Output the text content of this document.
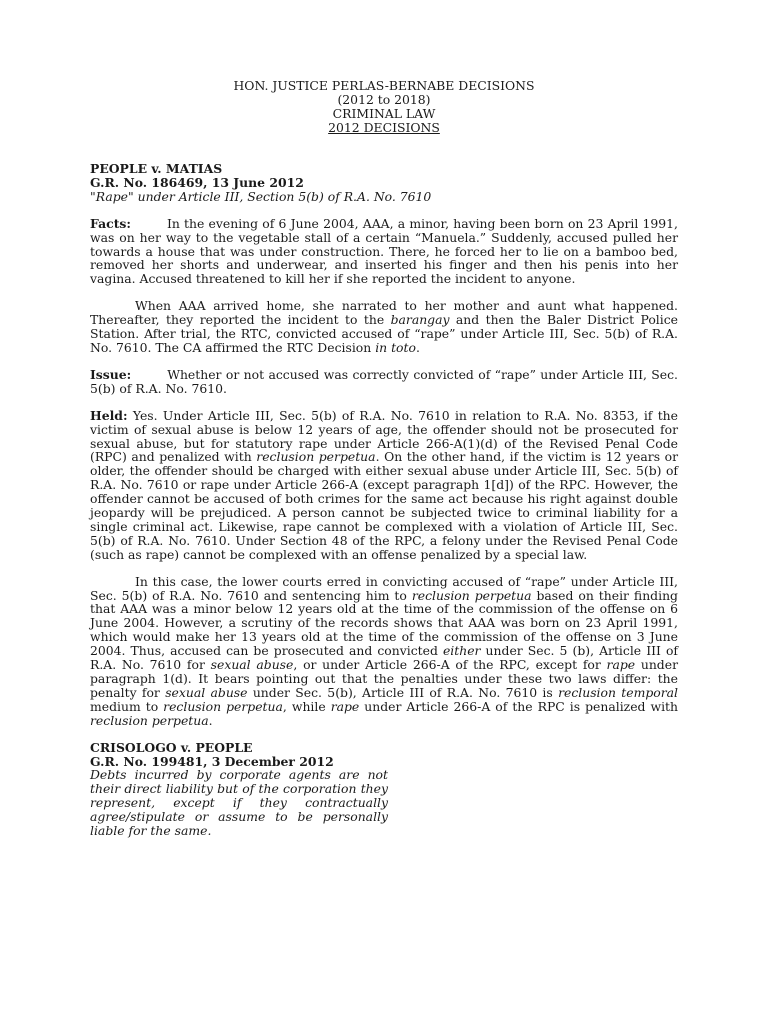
HON. JUSTICE PERLAS-BERNABE DECISIONS
(2012 to 2018)
CRIMINAL LAW
2012 DECISIONS
PEOPLE v. MATIAS
G.R. No. 186469, 13 June 2012
"Rape" under Article III, Section 5(b) of R.A. No. 7610

Facts:	In the evening of 6 June 2004, AAA, a minor, having been born on 23 April 1991, was on her way to the vegetable stall of a certain “Manuela.” Suddenly, accused pulled her towards a house that was under construction. There, he forced her to lie on a bamboo bed, removed her shorts and underwear, and inserted his finger and then his penis into her vagina. Accused threatened to kill her if she reported the incident to anyone.

When AAA arrived home, she narrated to her mother and aunt what happened. Thereafter, they reported the incident to the barangay and then the Baler District Police Station. After trial, the RTC, convicted accused of “rape” under Article III, Sec. 5(b) of R.A. No. 7610. The CA affirmed the RTC Decision in toto.

Issue:	Whether or not accused was correctly convicted of “rape” under Article III, Sec. 5(b) of R.A. No. 7610.

Held: Yes. Under Article III, Sec. 5(b) of R.A. No. 7610 in relation to R.A. No. 8353, if the victim of sexual abuse is below 12 years of age, the offender should not be prosecuted for sexual abuse, but for statutory rape under Article 266-A(1)(d) of the Revised Penal Code (RPC) and penalized with reclusion perpetua. On the other hand, if the victim is 12 years or older, the offender should be charged with either sexual abuse under Article III, Sec. 5(b) of R.A. No. 7610 or rape under Article 266-A (except paragraph 1[d]) of the RPC. However, the offender cannot be accused of both crimes for the same act because his right against double jeopardy will be prejudiced. A person cannot be subjected twice to criminal liability for a single criminal act. Likewise, rape cannot be complexed with a violation of Article III, Sec. 5(b) of R.A. No. 7610. Under Section 48 of the RPC, a felony under the Revised Penal Code (such as rape) cannot be complexed with an offense penalized by a special law.

In this case, the lower courts erred in convicting accused of “rape” under Article III, Sec. 5(b) of R.A. No. 7610 and sentencing him to reclusion perpetua based on their finding that AAA was a minor below 12 years old at the time of the commission of the offense on 6 June 2004. However, a scrutiny of the records shows that AAA was born on 23 April 1991, which would make her 13 years old at the time of the commission of the offense on 3 June 2004. Thus, accused can be prosecuted and convicted either under Sec. 5 (b), Article III of R.A. No. 7610 for sexual abuse, or under Article 266-A of the RPC, except for rape under paragraph 1(d). It bears pointing out that the penalties under these two laws differ: the penalty for sexual abuse under Sec. 5(b), Article III of R.A. No. 7610 is reclusion temporal medium to reclusion perpetua, while rape under Article 266-A of the RPC is penalized with reclusion perpetua.

CRISOLOGO v. PEOPLE
G.R. No. 199481, 3 December 2012
Debts incurred by corporate agents are not their direct liability but of the corporation they represent, except if they contractually agree/stipulate or assume to be personally liable for the same.
